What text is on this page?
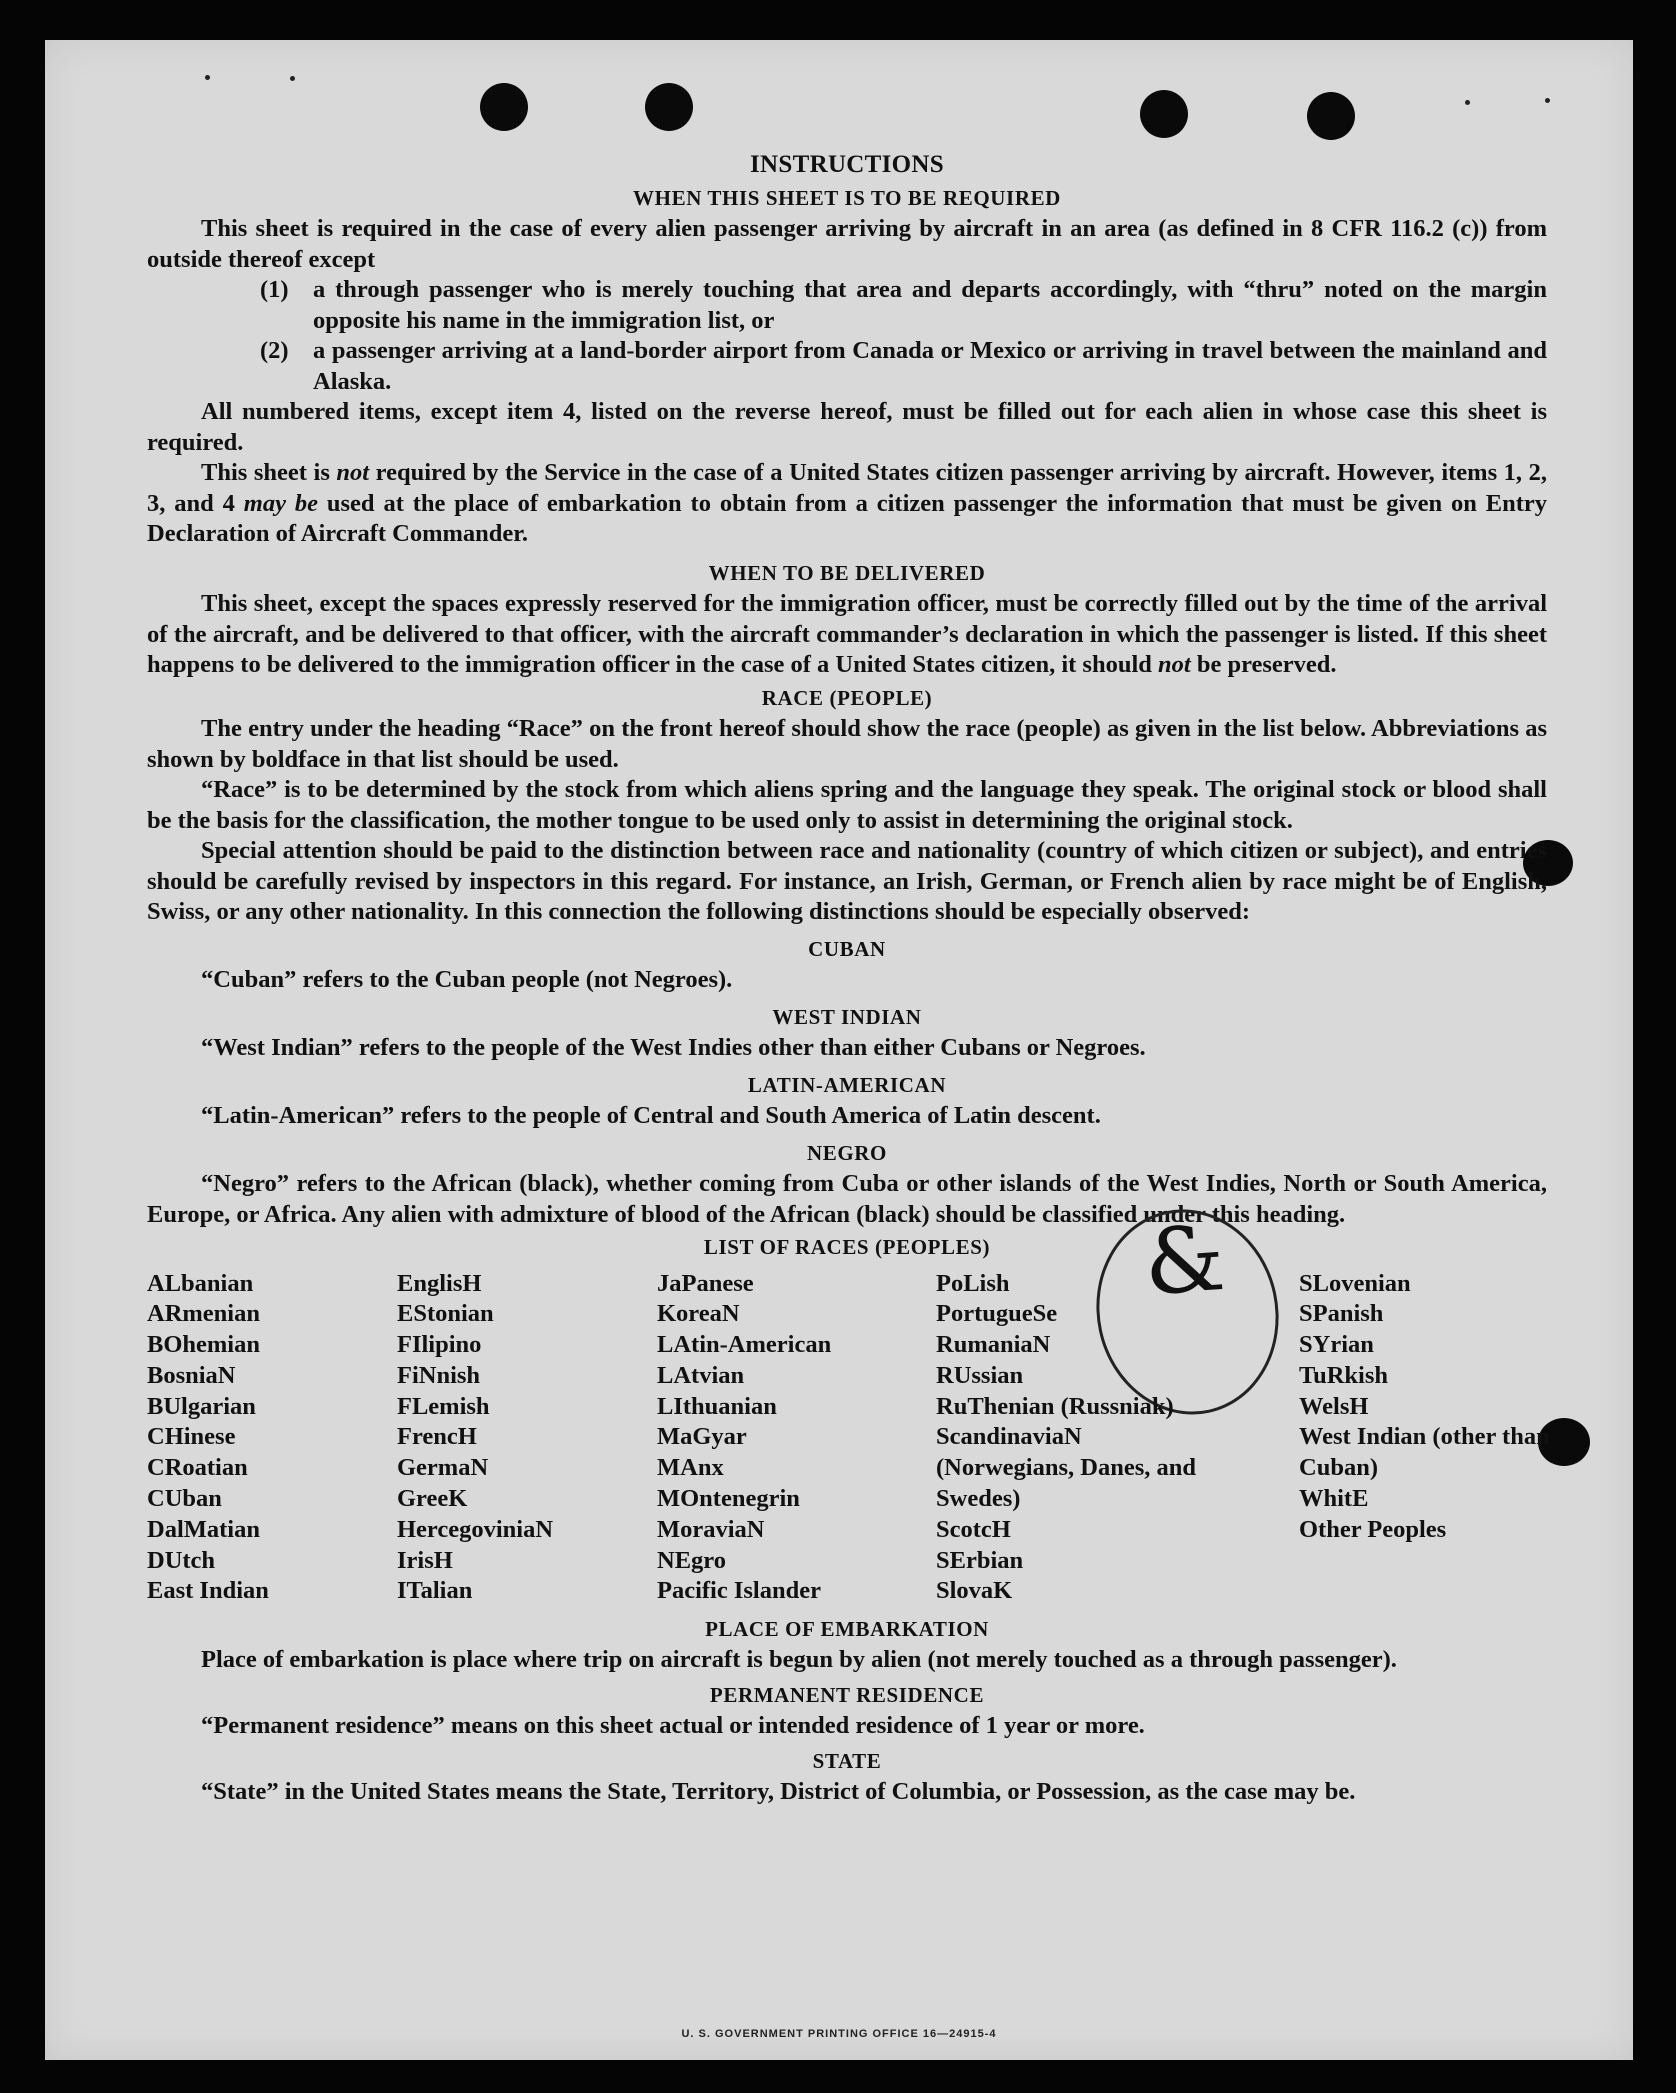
U. S. GOVERNMENT PRINTING OFFICE 16—24915-4
INSTRUCTIONS
WHEN THIS SHEET IS TO BE REQUIRED

This sheet is required in the case of every alien passenger arriving by aircraft in an area (as defined in 8 CFR 116.2 (c)) from outside thereof except

(1) a through passenger who is merely touching that area and departs accordingly, with “thru” noted on the margin opposite his name in the immigration list, or
(2) a passenger arriving at a land-border airport from Canada or Mexico or arriving in travel between the mainland and Alaska.

All numbered items, except item 4, listed on the reverse hereof, must be filled out for each alien in whose case this sheet is required.

This sheet is not required by the Service in the case of a United States citizen passenger arriving by aircraft. However, items 1, 2, 3, and 4 may be used at the place of embarkation to obtain from a citizen passenger the information that must be given on Entry Declaration of Aircraft Commander.

WHEN TO BE DELIVERED

This sheet, except the spaces expressly reserved for the immigration officer, must be correctly filled out by the time of the arrival of the aircraft, and be delivered to that officer, with the aircraft commander’s declaration in which the passenger is listed. If this sheet happens to be delivered to the immigration officer in the case of a United States citizen, it should not be preserved.

RACE (PEOPLE)

The entry under the heading “Race” on the front hereof should show the race (people) as given in the list below. Abbreviations as shown by boldface in that list should be used.

“Race” is to be determined by the stock from which aliens spring and the language they speak. The original stock or blood shall be the basis for the classification, the mother tongue to be used only to assist in determining the original stock.

Special attention should be paid to the distinction between race and nationality (country of which citizen or subject), and entries should be carefully revised by inspectors in this regard. For instance, an Irish, German, or French alien by race might be of English, Swiss, or any other nationality. In this connection the following distinctions should be especially observed:

CUBAN

“Cuban” refers to the Cuban people (not Negroes).

WEST INDIAN

“West Indian” refers to the people of the West Indies other than either Cubans or Negroes.

LATIN-AMERICAN

“Latin-American” refers to the people of Central and South America of Latin descent.

NEGRO

“Negro” refers to the African (black), whether coming from Cuba or other islands of the West Indies, North or South America, Europe, or Africa. Any alien with admixture of blood of the African (black) should be classified under this heading.

LIST OF RACES (PEOPLES)	&
ALbanian
ARmenian
BOhemian
BosniaN
BUlgarian
CHinese
CRoatian
CUban
DalMatian
DUtch
East Indian
EnglisH
EStonian
FIlipino
FiNnish
FLemish
FrencH
GermaN
GreeK
HercegoviniaN
IrisH
ITalian
JaPanese
KoreaN
LAtin-American
LAtvian
LIthuanian
MaGyar
MAnx
MOntenegrin
MoraviaN
NEgro
Pacific Islander
PoLish
PortugueSe
RumaniaN
RUssian
RuThenian (Russniak)
ScandinaviaN (Norwegians, Danes, and Swedes)
ScotcH
SErbian
SlovaK
SLovenian
SPanish
SYrian
TuRkish
WelsH
West Indian (other than Cuban)
WhitE
Other Peoples
PLACE OF EMBARKATION

Place of embarkation is place where trip on aircraft is begun by alien (not merely touched as a through passenger).

PERMANENT RESIDENCE

“Permanent residence” means on this sheet actual or intended residence of 1 year or more.

STATE

“State” in the United States means the State, Territory, District of Columbia, or Possession, as the case may be.
